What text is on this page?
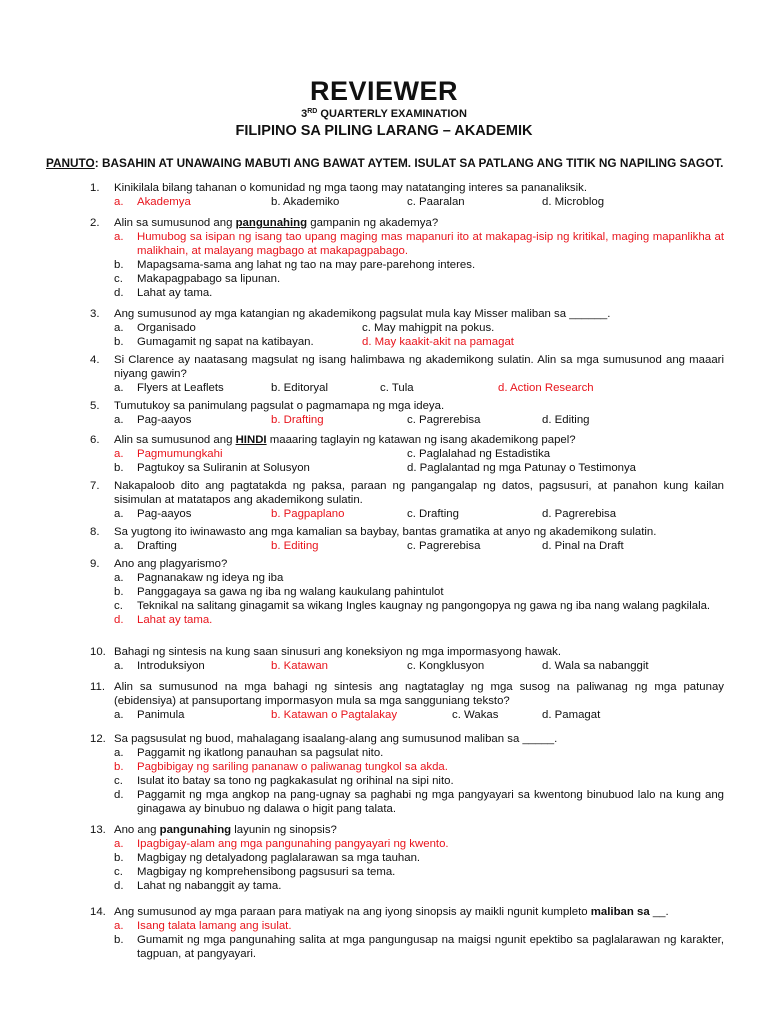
REVIEWER
3RD QUARTERLY EXAMINATION
FILIPINO SA PILING LARANG – AKADEMIK
PANUTO: BASAHIN AT UNAWAING MABUTI ANG BAWAT AYTEM. ISULAT SA PATLANG ANG TITIK NG NAPILING SAGOT.
1. Kinikilala bilang tahanan o komunidad ng mga taong may natatanging interes sa pananaliksik.
a. Akademya	b. Akademiko	c. Paaralan	d. Microblog
2. Alin sa sumusunod ang pangunahing gampanin ng akademya?
a. Humubog sa isipan ng isang tao upang maging mas mapanuri ito at makapag-isip ng kritikal, maging mapanlikha at malikhain, at malayang magbago at makapagpabago.
b. Mapagsama-sama ang lahat ng tao na may pare-parehong interes.
c. Makapagpabago sa lipunan.
d. Lahat ay tama.
3. Ang sumusunod ay mga katangian ng akademikong pagsulat mula kay Misser maliban sa ______.
a. Organisado	c. May mahigpit na pokus.
b. Gumagamit ng sapat na katibayan.	d. May kaakit-akit na pamagat
4. Si Clarence ay naatasang magsulat ng isang halimbawa ng akademikong sulatin. Alin sa mga sumusunod ang maaari niyang gawin?
a. Flyers at Leaflets	b. Editoryal	c. Tula	d. Action Research
5. Tumutukoy sa panimulang pagsulat o pagmamapa ng mga ideya.
a. Pag-aayos	b. Drafting	c. Pagrerebisa	d. Editing
6. Alin sa sumusunod ang HINDI maaaring taglayin ng katawan ng isang akademikong papel?
a. Pagmumungkahi	c. Paglalahad ng Estadistika
b. Pagtukoy sa Suliranin at Solusyon	d. Paglalantad ng mga Patunay o Testimonya
7. Nakapaloob dito ang pagtatakda ng paksa, paraan ng pangangalap ng datos, pagsusuri, at panahon kung kailan sisimulan at matatapos ang akademikong sulatin.
a. Pag-aayos	b. Pagpaplano	c. Drafting	d. Pagrerebisa
8. Sa yugtong ito iwinawasto ang mga kamalian sa baybay, bantas gramatika at anyo ng akademikong sulatin.
a. Drafting	b. Editing	c. Pagrerebisa	d. Pinal na Draft
9. Ano ang plagyarismo?
a. Pagnanakaw ng ideya ng iba
b. Panggagaya sa gawa ng iba ng walang kaukulang pahintulot
c. Teknikal na salitang ginagamit sa wikang Ingles kaugnay ng pangongopya ng gawa ng iba nang walang pagkilala.
d. Lahat ay tama.
10. Bahagi ng sintesis na kung saan sinusuri ang koneksiyon ng mga impormasyong hawak.
a. Introduksiyon	b. Katawan	c. Kongklusyon	d. Wala sa nabanggit
11. Alin sa sumusunod na mga bahagi ng sintesis ang nagtataglay ng mga susog na paliwanag ng mga patunay (ebidensiya) at pansuportang impormasyon mula sa mga sangguniang teksto?
a. Panimula	b. Katawan o Pagtalakay	c. Wakas	d. Pamagat
12. Sa pagsusulat ng buod, mahalagang isaalang-alang ang sumusunod maliban sa _____.
a. Paggamit ng ikatlong panauhan sa pagsulat nito.
b. Pagbibigay ng sariling pananaw o paliwanag tungkol sa akda.
c. Isulat ito batay sa tono ng pagkakasulat ng orihinal na sipi nito.
d. Paggamit ng mga angkop na pang-ugnay sa paghabi ng mga pangyayari sa kwentong binubuod lalo na kung ang ginagawa ay binubuo ng dalawa o higit pang talata.
13. Ano ang pangunahing layunin ng sinopsis?
a. Ipagbigay-alam ang mga pangunahing pangyayari ng kwento.
b. Magbigay ng detalyadong paglalarawan sa mga tauhan.
c. Magbigay ng komprehensibong pagsusuri sa tema.
d. Lahat ng nabanggit ay tama.
14. Ang sumusunod ay mga paraan para matiyak na ang iyong sinopsis ay maikli ngunit kumpleto maliban sa __.
a. Isang talata lamang ang isulat.
b. Gumamit ng mga pangunahing salita at mga pangungusap na maigsi ngunit epektibo sa paglalarawan ng karakter, tagpuan, at pangyayari.
